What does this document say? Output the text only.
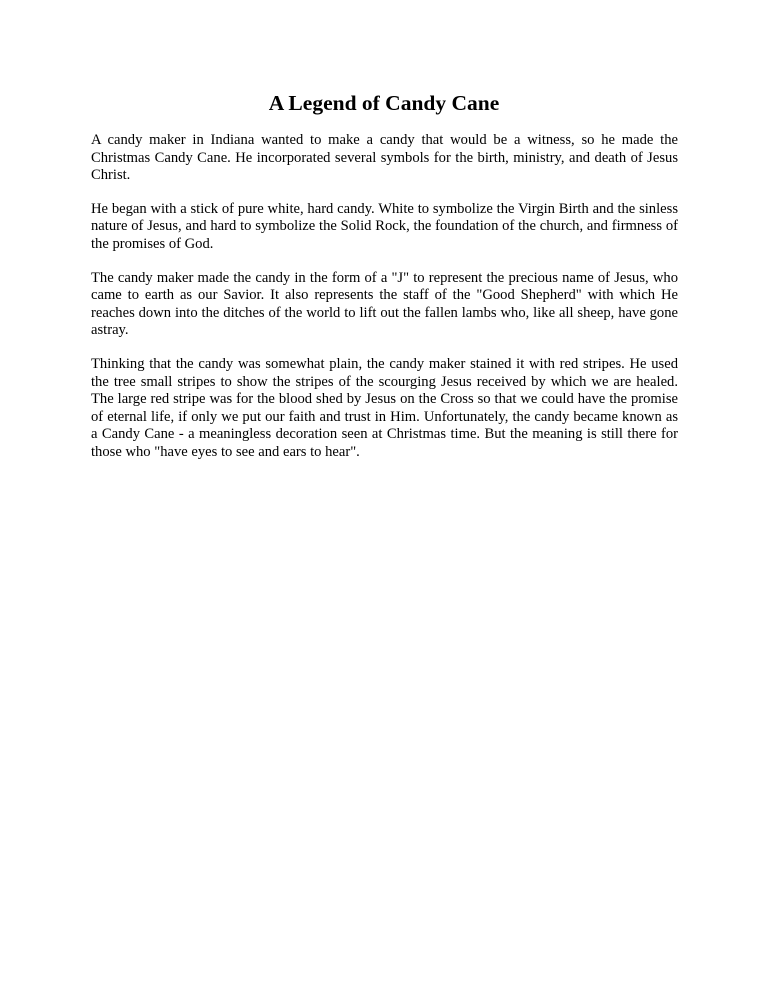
A Legend of Candy Cane

A candy maker in Indiana wanted to make a candy that would be a witness, so he made the Christmas Candy Cane. He incorporated several symbols for the birth, ministry, and death of Jesus Christ.

He began with a stick of pure white, hard candy. White to symbolize the Virgin Birth and the sinless nature of Jesus, and hard to symbolize the Solid Rock, the foundation of the church, and firmness of the promises of God.

The candy maker made the candy in the form of a "J" to represent the precious name of Jesus, who came to earth as our Savior. It also represents the staff of the "Good Shepherd" with which He reaches down into the ditches of the world to lift out the fallen lambs who, like all sheep, have gone astray.

Thinking that the candy was somewhat plain, the candy maker stained it with red stripes. He used the tree small stripes to show the stripes of the scourging Jesus received by which we are healed. The large red stripe was for the blood shed by Jesus on the Cross so that we could have the promise of eternal life, if only we put our faith and trust in Him. Unfortunately, the candy became known as a Candy Cane - a meaningless decoration seen at Christmas time. But the meaning is still there for those who "have eyes to see and ears to hear".
